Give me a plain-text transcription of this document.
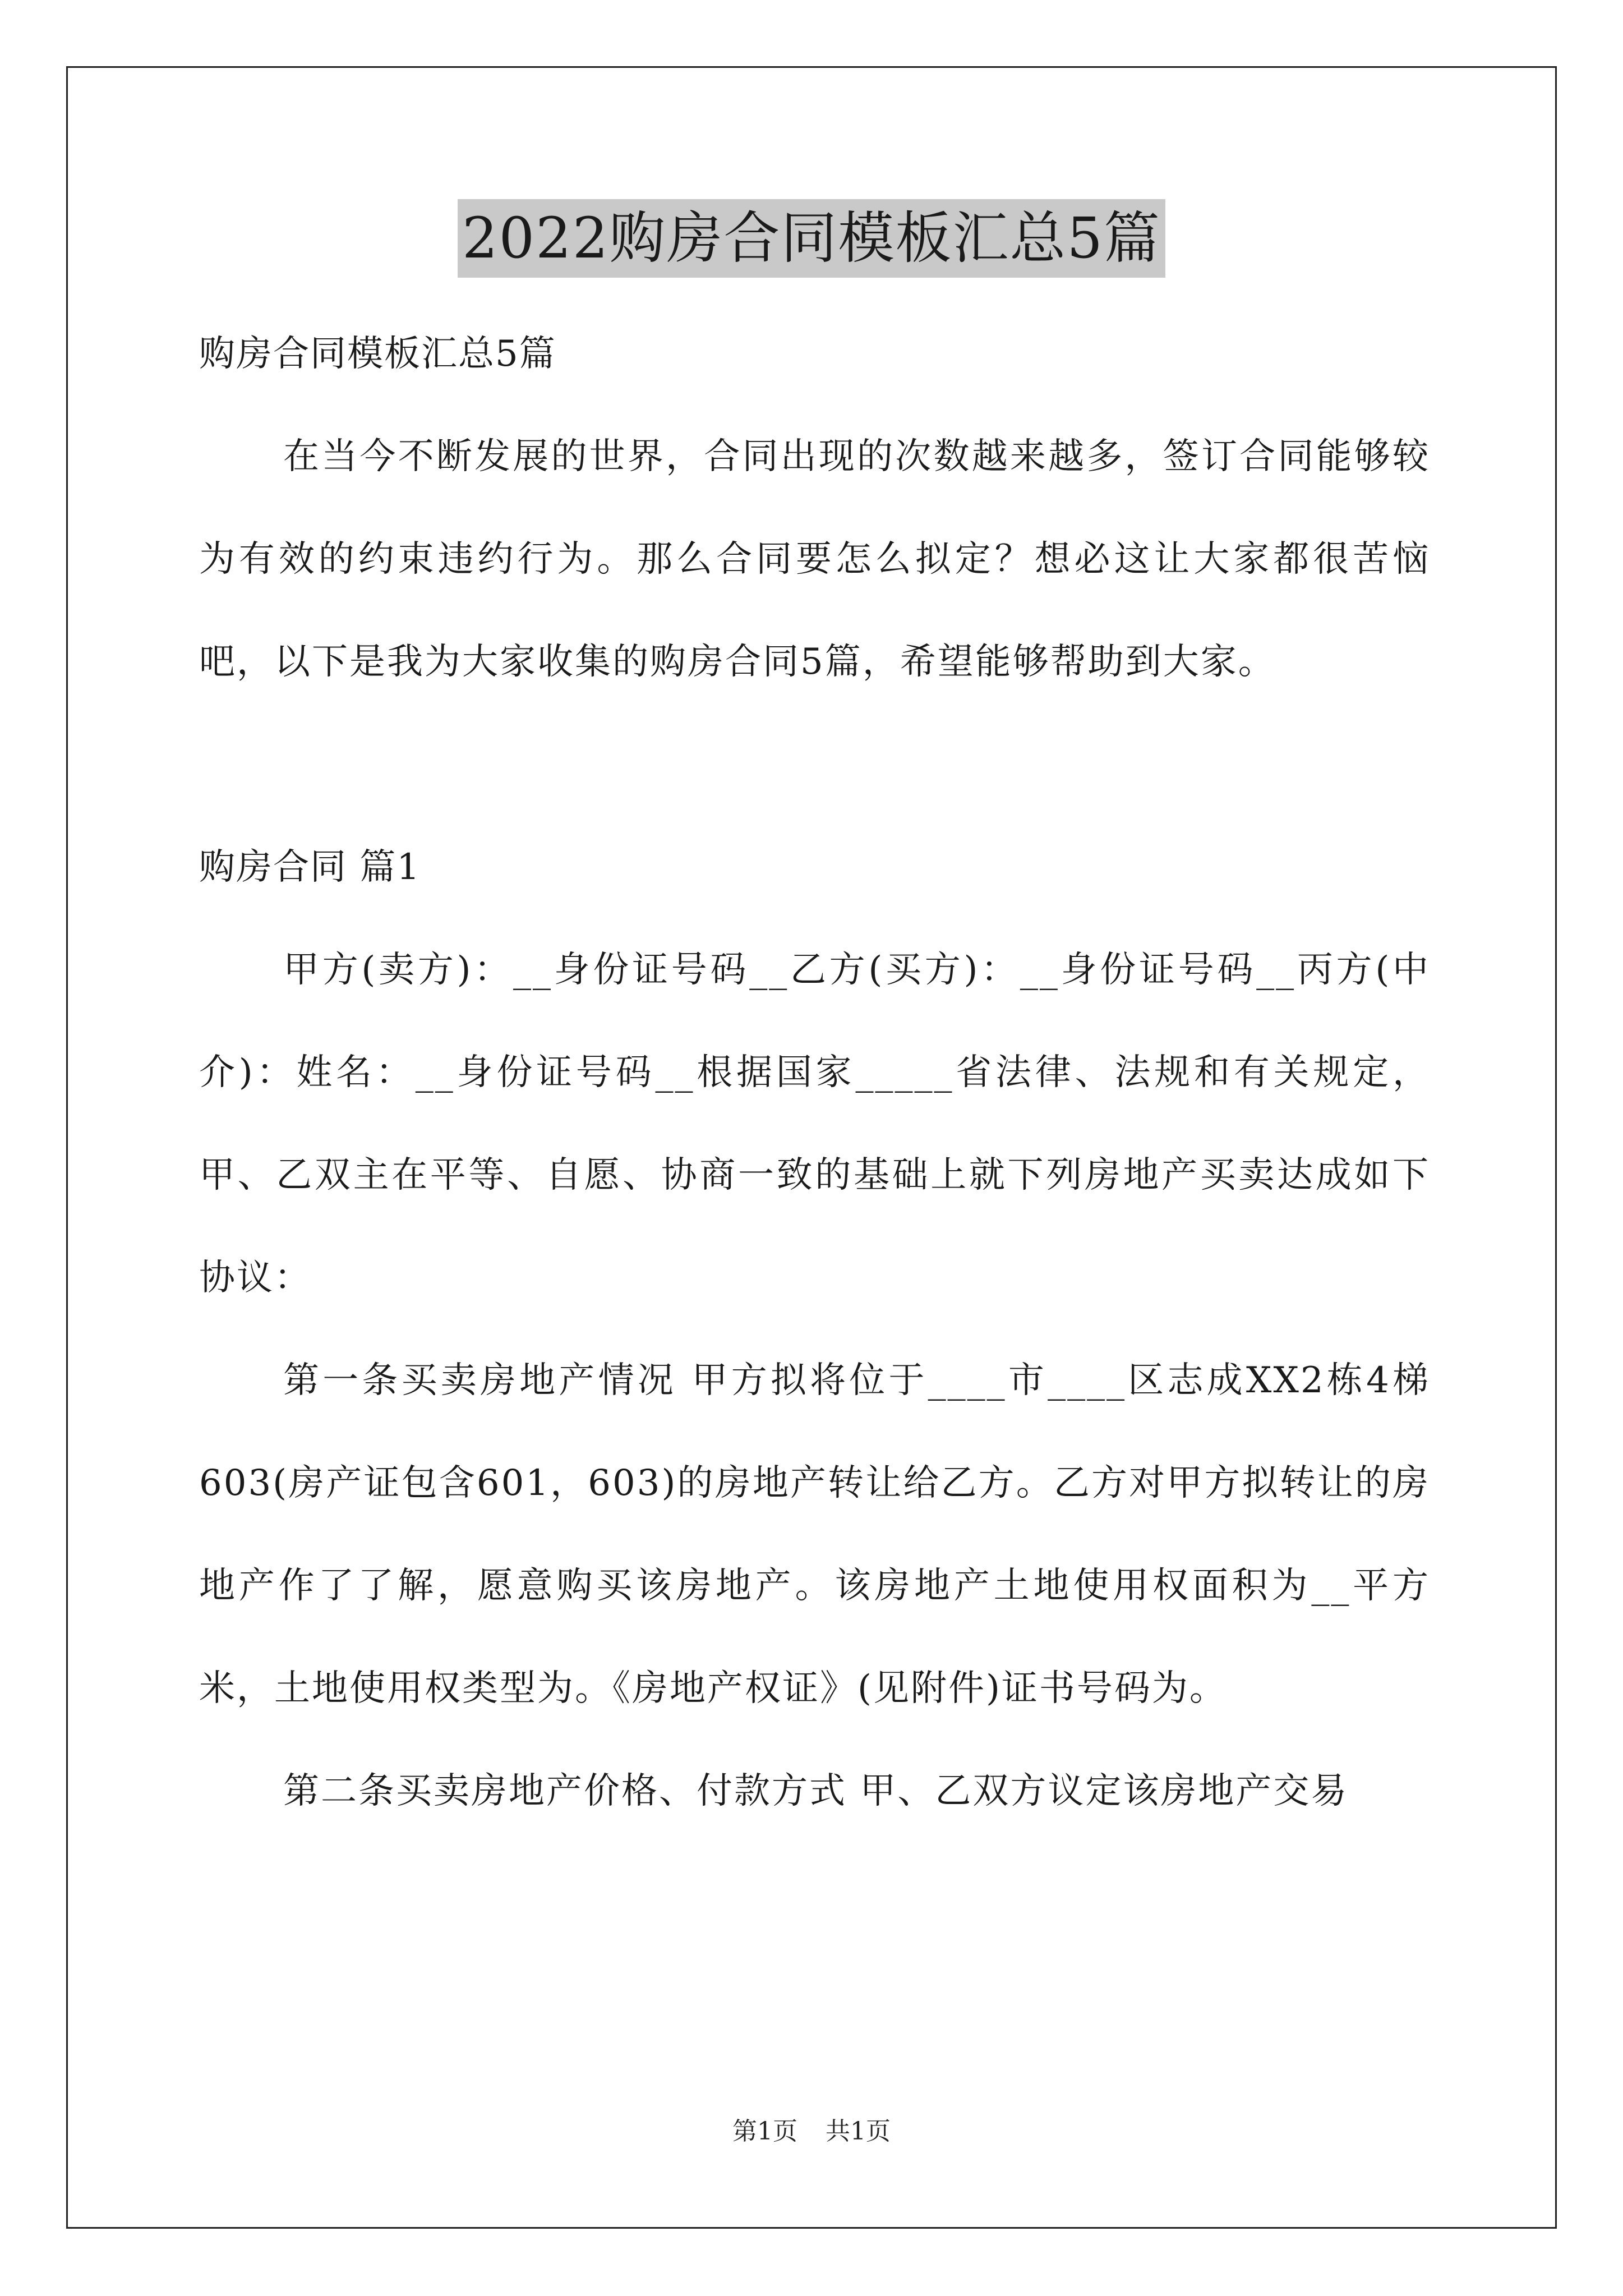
2022购房合同模板汇总5篇
购房合同模板汇总5篇

在当今不断发展的世界，合同出现的次数越来越多，签订合同能够较为有效的约束违约行为。那么合同要怎么拟定？想必这让大家都很苦恼吧，以下是我为大家收集的购房合同5篇，希望能够帮助到大家。

购房合同 篇1

甲方(卖方)：__身份证号码__乙方(买方)：__身份证号码__丙方(中介)：姓名：__身份证号码__根据国家_____省法律、法规和有关规定，甲、乙双主在平等、自愿、协商一致的基础上就下列房地产买卖达成如下协议：

第一条买卖房地产情况 甲方拟将位于____市____区志成XX2栋4梯603(房产证包含601，603)的房地产转让给乙方。乙方对甲方拟转让的房地产作了了解，愿意购买该房地产。该房地产土地使用权面积为__平方米，土地使用权类型为。《房地产权证》(见附件)证书号码为。

第二条买卖房地产价格、付款方式 甲、乙双方议定该房地产交易

第1页 共1页
